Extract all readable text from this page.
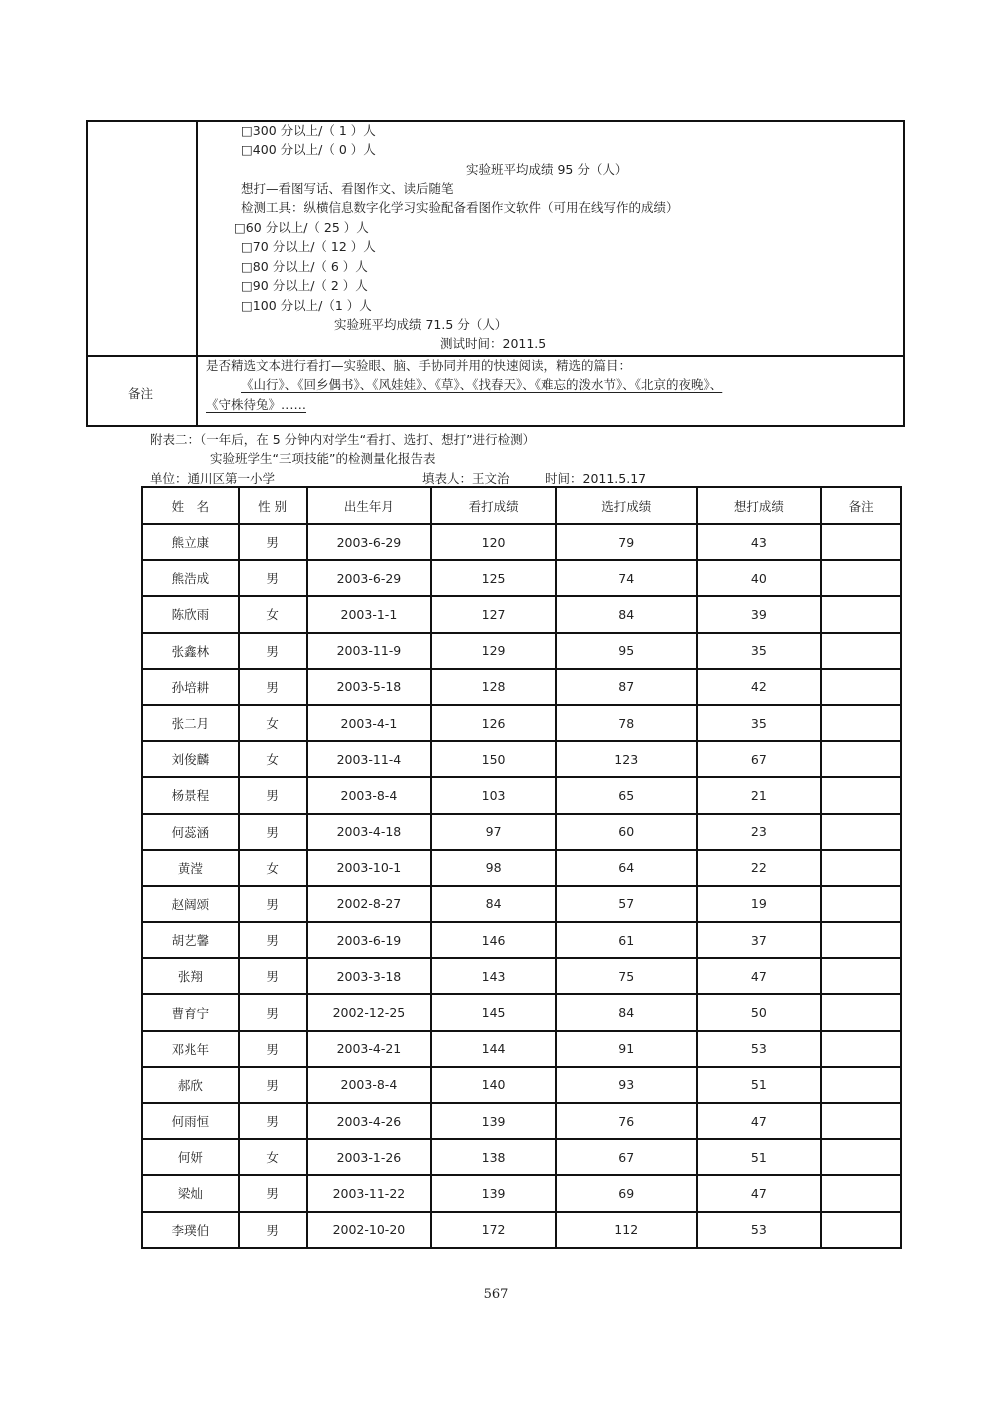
□300 分以上/（ 1 ）人
□400 分以上/（ 0 ）人
实验班平均成绩 95 分（人）
想打—看图写话、看图作文、读后随笔
检测工具：纵横信息数字化学习实验配备看图作文软件（可用在线写作的成绩）
□60 分以上/（ 25 ）人
□70 分以上/（ 12 ）人
□80 分以上/（ 6 ）人
□90 分以上/（ 2 ）人
□100 分以上/（1 ）人
实验班平均成绩 71.5 分（人）
测试时间：2011.5
备注
是否精选文本进行看打—实验眼、脑、手协同并用的快速阅读，精选的篇目：
《山行》、《回乡偶书》、《风娃娃》、《草》、《找春天》、《难忘的泼水节》、《北京的夜晚》、
《守株待兔》……
附表二：（一年后，在 5 分钟内对学生“看打、选打、想打”进行检测）
实验班学生“三项技能”的检测量化报告表
单位：通川区第一小学	填表人：王文治	时间：2011.5.17
姓　名	性 别	出生年月	看打成绩	选打成绩	想打成绩	备注
熊立康	男	2003-6-29	120	79	43	
熊浩成	男	2003-6-29	125	74	40	
陈欣雨	女	2003-1-1	127	84	39	
张鑫林	男	2003-11-9	129	95	35	
孙培耕	男	2003-5-18	128	87	42	
张二月	女	2003-4-1	126	78	35	
刘俊麟	女	2003-11-4	150	123	67	
杨景程	男	2003-8-4	103	65	21	
何蕊涵	男	2003-4-18	97	60	23	
黄滢	女	2003-10-1	98	64	22	
赵阔颂	男	2002-8-27	84	57	19	
胡艺馨	男	2003-6-19	146	61	37	
张翔	男	2003-3-18	143	75	47	
曹育宁	男	2002-12-25	145	84	50	
邓兆年	男	2003-4-21	144	91	53	
郝欣	男	2003-8-4	140	93	51	
何雨恒	男	2003-4-26	139	76	47	
何妍	女	2003-1-26	138	67	51	
梁灿	男	2003-11-22	139	69	47	
李璞伯	男	2002-10-20	172	112	53	
567
